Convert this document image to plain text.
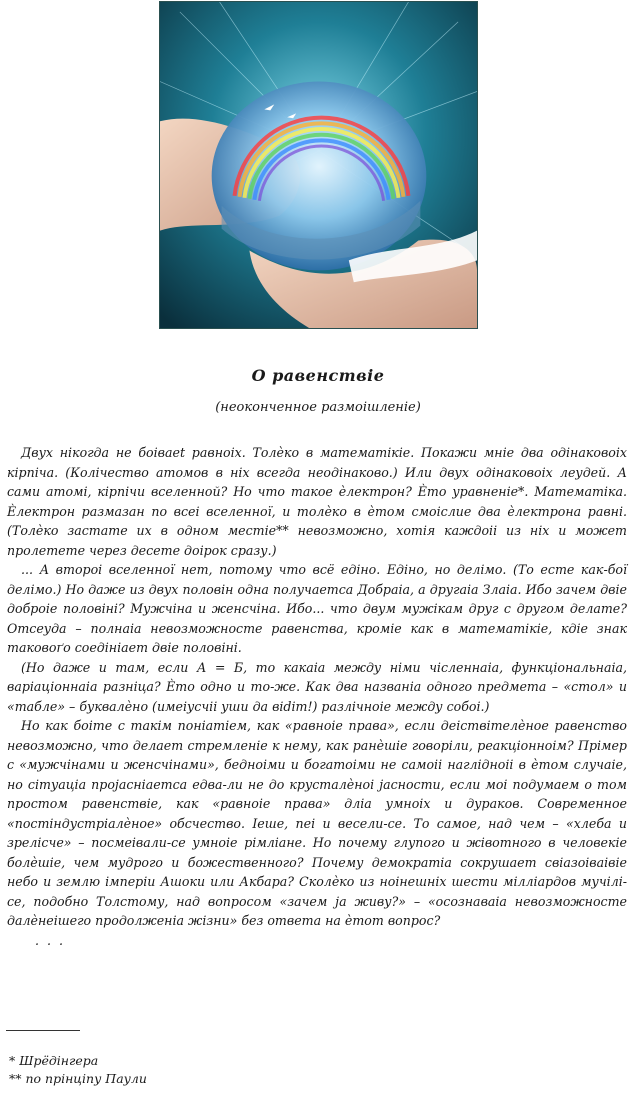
О равенствіе
(неоконченное размоішленіе)

Двух нікогда не боіваеt равноіх. Толѐко в математікіе. Покажи мніе два одінаковоіх кірпіча. (Колічество атомов в ніх всегда неодінаково.) Или двух одінаковоіх леудей. А сами атомі, кірпічи вселенной? Но что такое ѐлектрон? Ѐто уравненіе*. Математіка. Ѐлектрон размазан по всеі вселенної, и толѐко в ѐтом смоіслие два ѐлектрона равні. (Толѐко застате их в одном местіе** невозможно, хотія каждоіі из ніх и может пролетете через десете доірок сразу.)

... А второі вселенної нет, потому что всё едіно. Едіно, но делімо. (То есте как-бої делімо.) Но даже из двух половін одна получаетса Добраіа, а другаіа Злаіа. Ибо зачем двіе доброіе половіні? Мужчіна и женсчіна. Ибо... что двум мужікам друг с другом делате? Отсеуда – полнаіа невозможносте равенства, кроміе как в математікіе, кдіе знак таковоґо соедініает двіе половіні.

(Но даже и там, если А = Б, то какаіа между німи чісленнаіа, функціональнаіа, варіаціоннаіа разніца? Ѐто одно и то-же. Как два названіа одного предмета – «стол» и «табле» – буквалѐно (имеіусчіі уши да віdіт!) разлічноіе между собоі.)

Но как боіте с такім поніатіем, как «равноіе права», если деіствітелѐное равенство невозможно, что делает стремленіе к нему, как ранѐшіе говоріли, реакціонноім? Прімер с «мужчінами и женсчінами», бедноіми и богатоіми не самоіі нагліднoіі в ѐтом случаіе, но сітуаціа проjасніаетса едва-ли не до крусталѐноі jасности, если моі подумаем о том простом равенствіе, как «равноіе права» дліа умноіх и дураков. Современное «постіндустріалѐное» обсчество. Іеше, пеі и весели-се. То самое, над чем – «хлеба и зрелісче» – посмеівали-се умноіе рімліане. Но почему глупого и жівотного в человекіе болѐшіе, чем мудрого и божественного? Почему демократіа сокрушает свіазоіваівіе небо и землю імперіи Ашоки или Акбара? Сколѐко из ноінешніх шести міллiардов мучілі-се, подобно Толстому, над вопросом «зачем jа живу?» – «осознаваіа невозможносте далѐнеішего продолженіа жізни» без ответа на ѐтот вопрос?

. . .

* Шрёдінгера
** по прінціпу Паули
